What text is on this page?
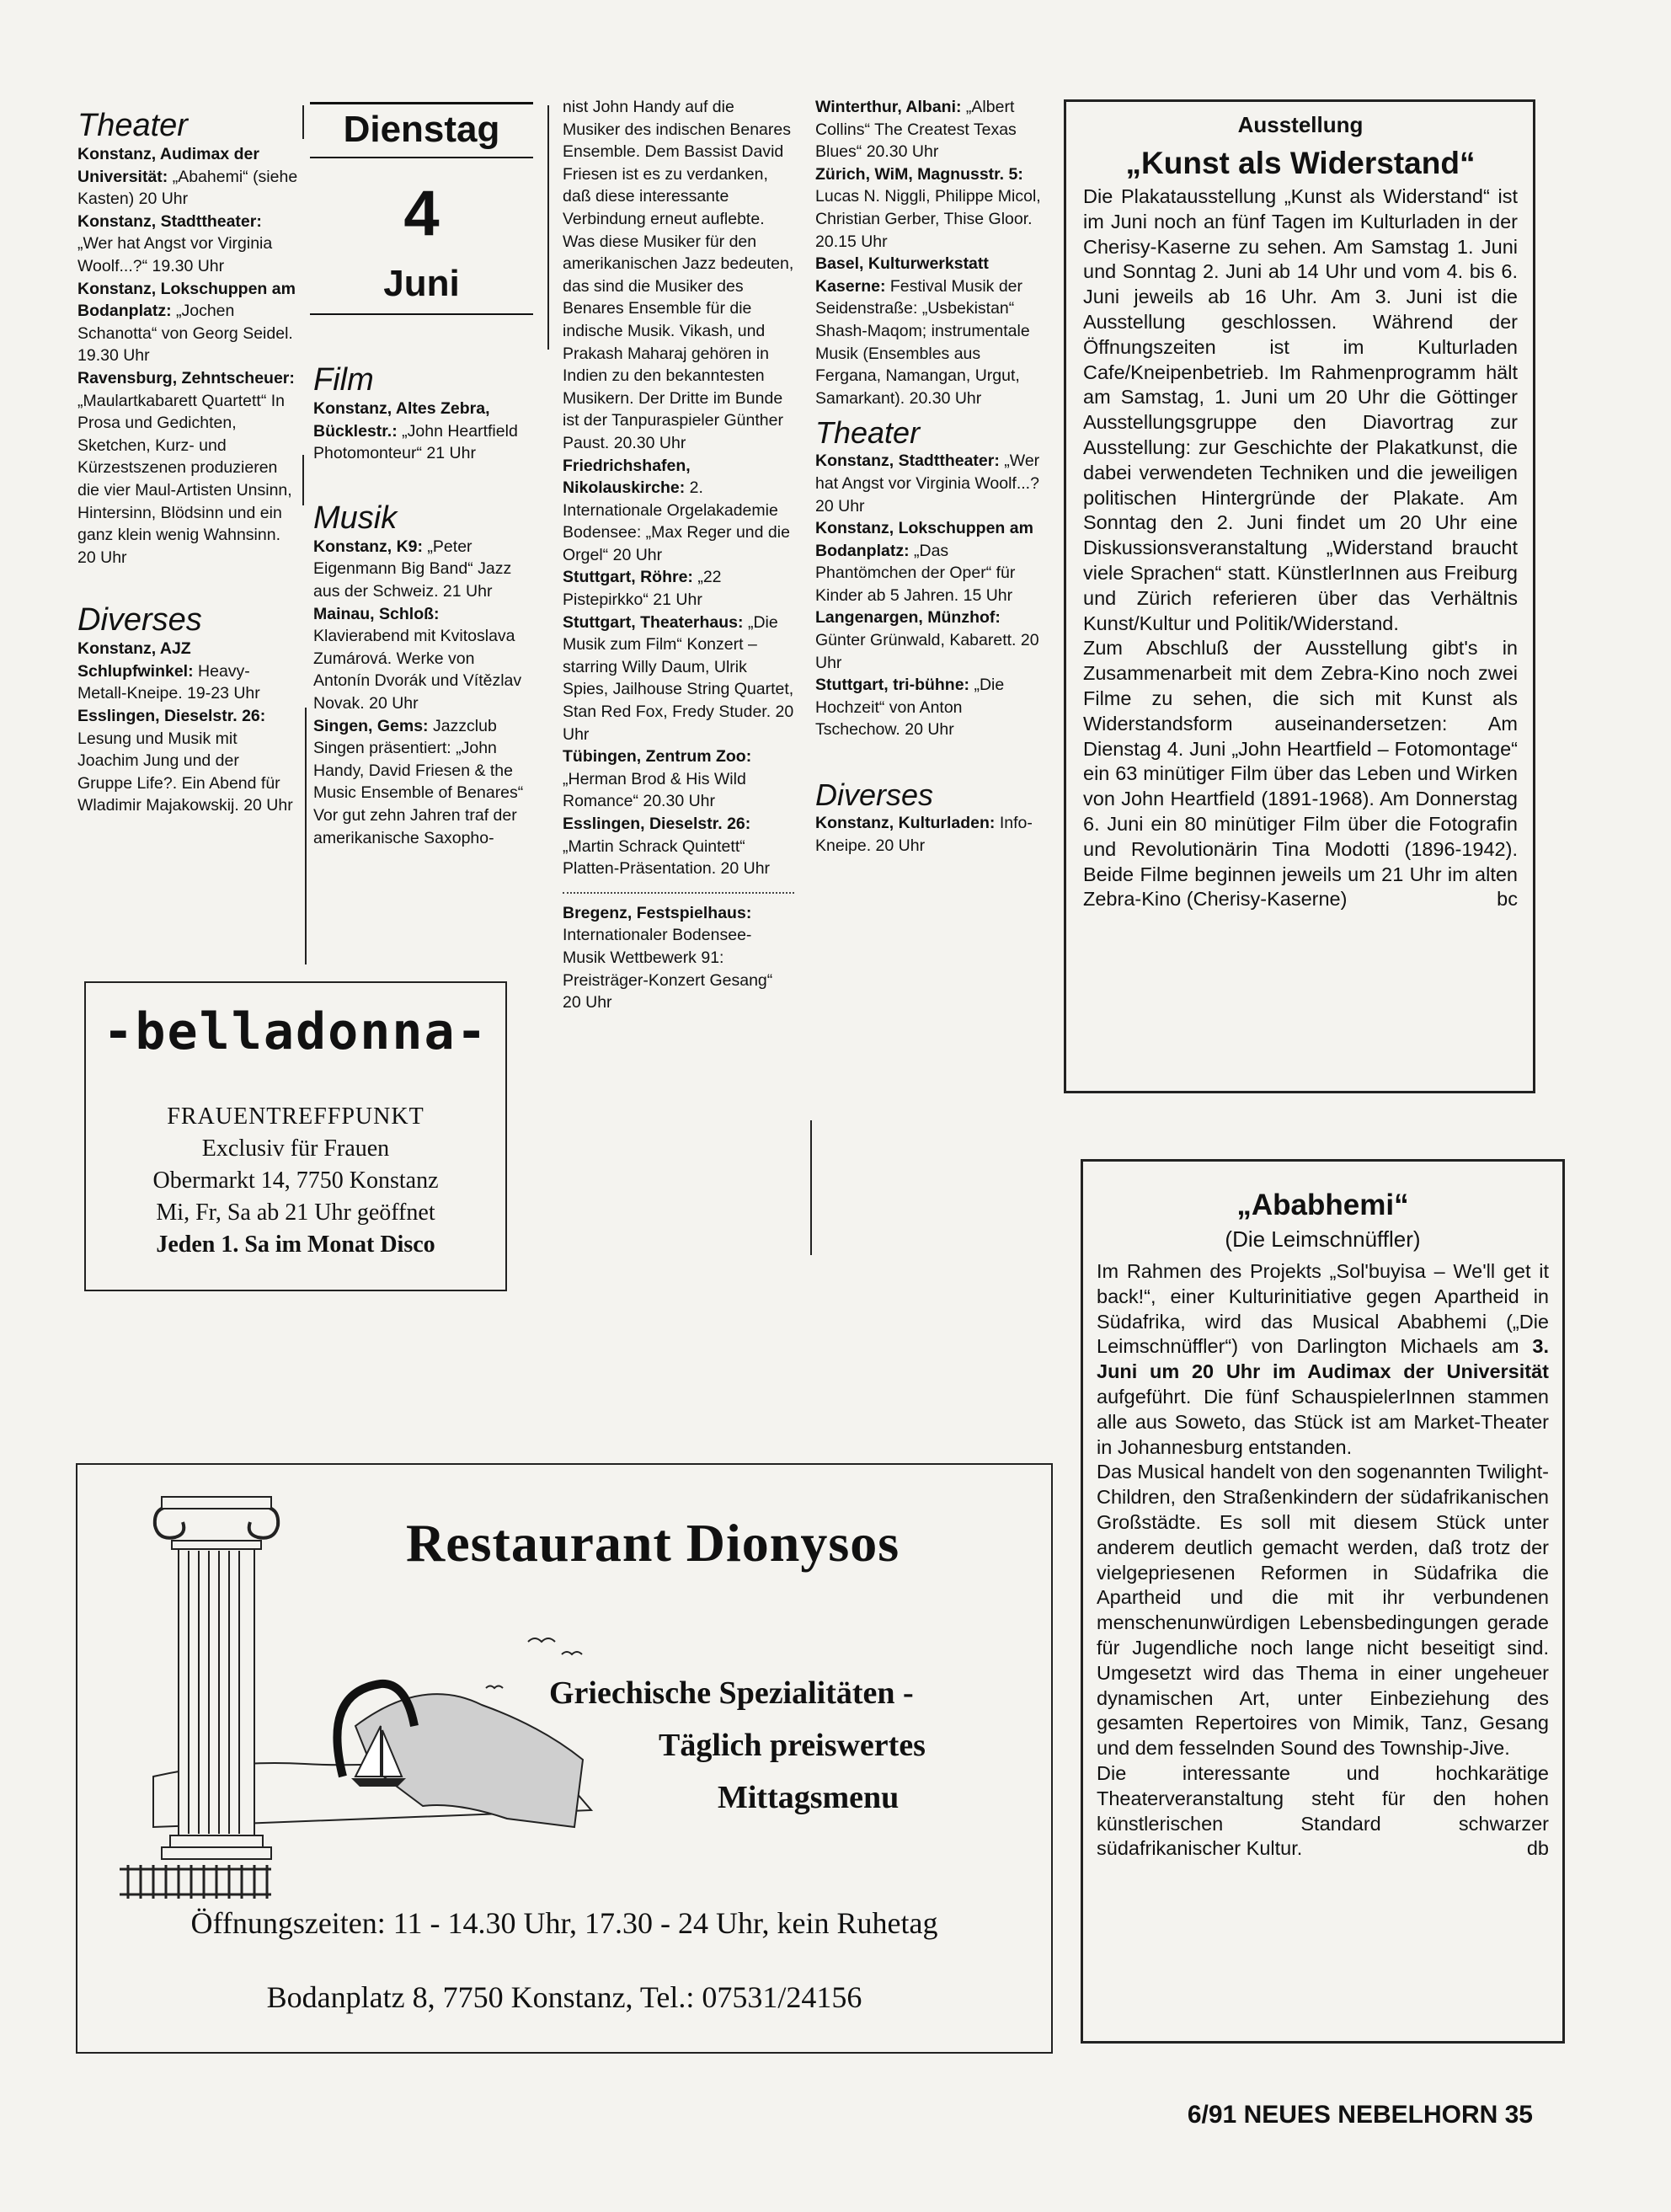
Theater

Konstanz, Audimax der Universität: „Abahemi“ (siehe Kasten) 20 Uhr

Konstanz, Stadttheater: „Wer hat Angst vor Virginia Woolf...?“ 19.30 Uhr

Konstanz, Lokschuppen am Bodanplatz: „Jochen Schanotta“ von Georg Seidel. 19.30 Uhr

Ravensburg, Zehntscheuer: „Maulartkabarett Quartett“ In Prosa und Gedichten, Sketchen, Kurz- und Kürzestszenen produzieren die vier Maul-Artisten Unsinn, Hintersinn, Blödsinn und ein ganz klein wenig Wahnsinn. 20 Uhr

Diverses

Konstanz, AJZ Schlupfwinkel: Heavy-Metall-Kneipe. 19-23 Uhr

Esslingen, Dieselstr. 26: Lesung und Musik mit Joachim Jung und der Gruppe Life?. Ein Abend für Wladimir Majakowskij. 20 Uhr

Dienstag
4
Juni
Film

Konstanz, Altes Zebra, Bücklestr.: „John Heartfield Photomonteur“ 21 Uhr

Musik

Konstanz, K9: „Peter Eigenmann Big Band“ Jazz aus der Schweiz. 21 Uhr

Mainau, Schloß: Klavierabend mit Kvitoslava Zumárová. Werke von Antonín Dvorák und Vítězlav Novak. 20 Uhr

Singen, Gems: Jazzclub Singen präsentiert: „John Handy, David Friesen & the Music Ensemble of Benares“ Vor gut zehn Jahren traf der amerikanische Saxopho-

nist John Handy auf die Musiker des indischen Benares Ensemble. Dem Bassist David Friesen ist es zu verdanken, daß diese interessante Verbindung erneut auflebte. Was diese Musiker für den amerikanischen Jazz bedeuten, das sind die Musiker des Benares Ensemble für die indische Musik. Vikash, und Prakash Maharaj gehören in Indien zu den bekanntesten Musikern. Der Dritte im Bunde ist der Tanpuraspieler Günther Paust. 20.30 Uhr

Friedrichshafen, Nikolauskirche: 2. Internationale Orgelakademie Bodensee: „Max Reger und die Orgel“ 20 Uhr

Stuttgart, Röhre: „22 Pistepirkko“ 21 Uhr

Stuttgart, Theaterhaus: „Die Musik zum Film“ Konzert – starring Willy Daum, Ulrik Spies, Jailhouse String Quartet, Stan Red Fox, Fredy Studer. 20 Uhr

Tübingen, Zentrum Zoo: „Herman Brod & His Wild Romance“ 20.30 Uhr

Esslingen, Dieselstr. 26: „Martin Schrack Quintett“ Platten-Präsentation. 20 Uhr

Bregenz, Festspielhaus: Internationaler Bodensee-Musik Wettbewerk 91: Preisträger-Konzert Gesang“ 20 Uhr

Winterthur, Albani: „Albert Collins“ The Createst Texas Blues“ 20.30 Uhr

Zürich, WiM, Magnusstr. 5: Lucas N. Niggli, Philippe Micol, Christian Gerber, Thise Gloor. 20.15 Uhr

Basel, Kulturwerkstatt Kaserne: Festival Musik der Seidenstraße: „Usbekistan“ Shash-Maqom; instrumentale Musik (Ensembles aus Fergana, Namangan, Urgut, Samarkant). 20.30 Uhr

Theater

Konstanz, Stadttheater: „Wer hat Angst vor Virginia Woolf...? 20 Uhr

Konstanz, Lokschuppen am Bodanplatz: „Das Phantömchen der Oper“ für Kinder ab 5 Jahren. 15 Uhr

Langenargen, Münzhof: Günter Grünwald, Kabarett. 20 Uhr

Stuttgart, tri-bühne: „Die Hochzeit“ von Anton Tschechow. 20 Uhr

Diverses

Konstanz, Kulturladen: Info-Kneipe. 20 Uhr

Ausstellung
„Kunst als Widerstand“

Die Plakatausstellung „Kunst als Widerstand“ ist im Juni noch an fünf Tagen im Kulturladen in der Cherisy-Kaserne zu sehen. Am Samstag 1. Juni und Sonntag 2. Juni ab 14 Uhr und vom 4. bis 6. Juni jeweils ab 16 Uhr. Am 3. Juni ist die Ausstellung geschlossen. Während der Öffnungszeiten ist im Kulturladen Cafe/Kneipenbetrieb. Im Rahmenprogramm hält am Samstag, 1. Juni um 20 Uhr die Göttinger Ausstellungsgruppe den Diavortrag zur Ausstellung: zur Geschichte der Plakatkunst, die dabei verwendeten Techniken und die jeweiligen politischen Hintergründe der Plakate. Am Sonntag den 2. Juni findet um 20 Uhr eine Diskussionsveranstaltung „Widerstand braucht viele Sprachen“ statt. KünstlerInnen aus Freiburg und Zürich referieren über das Verhältnis Kunst/Kultur und Politik/Widerstand.

Zum Abschluß der Ausstellung gibt's in Zusammenarbeit mit dem Zebra-Kino noch zwei Filme zu sehen, die sich mit Kunst als Widerstandsform auseinandersetzen: Am Dienstag 4. Juni „John Heartfield – Fotomontage“ ein 63 minütiger Film über das Leben und Wirken von John Heartfield (1891-1968). Am Donnerstag 6. Juni ein 80 minütiger Film über die Fotografin und Revolutionärin Tina Modotti (1896-1942). Beide Filme beginnen jeweils um 21 Uhr im alten Zebra-Kino (Cherisy-Kaserne)	bc
-belladonna-
FRAUENTREFFPUNKT
Exclusiv für Frauen
Obermarkt 14, 7750 Konstanz
Mi, Fr, Sa ab 21 Uhr geöffnet
Jeden 1. Sa im Monat Disco
„Ababhemi“
(Die Leimschnüffler)

Im Rahmen des Projekts „Sol'buyisa – We'll get it back!“, einer Kulturinitiative gegen Apartheid in Südafrika, wird das Musical Ababhemi („Die Leimschnüffler“) von Darlington Michaels am 3. Juni um 20 Uhr im Audimax der Universität aufgeführt. Die fünf SchauspielerInnen stammen alle aus Soweto, das Stück ist am Market-Theater in Johannesburg entstanden.

Das Musical handelt von den sogenannten Twilight-Children, den Straßenkindern der südafrikanischen Großstädte. Es soll mit diesem Stück unter anderem deutlich gemacht werden, daß trotz der vielgepriesenen Reformen in Südafrika die Apartheid und die mit ihr verbundenen menschenunwürdigen Lebensbedingungen gerade für Jugendliche noch lange nicht beseitigt sind. Umgesetzt wird das Thema in einer ungeheuer dynamischen Art, unter Einbeziehung des gesamten Repertoires von Mimik, Tanz, Gesang und dem fesselnden Sound des Township-Jive.

Die interessante und hochkarätige Theaterveranstaltung steht für den hohen künstlerischen Standard schwarzer südafrikanischer Kultur.	db
Restaurant Dionysos
Griechische Spezialitäten -
Täglich preiswertes
Mittagsmenu
Öffnungszeiten: 11 - 14.30 Uhr, 17.30 - 24 Uhr, kein Ruhetag
Bodanplatz 8, 7750 Konstanz, Tel.: 07531/24156
6/91 NEUES NEBELHORN 35
